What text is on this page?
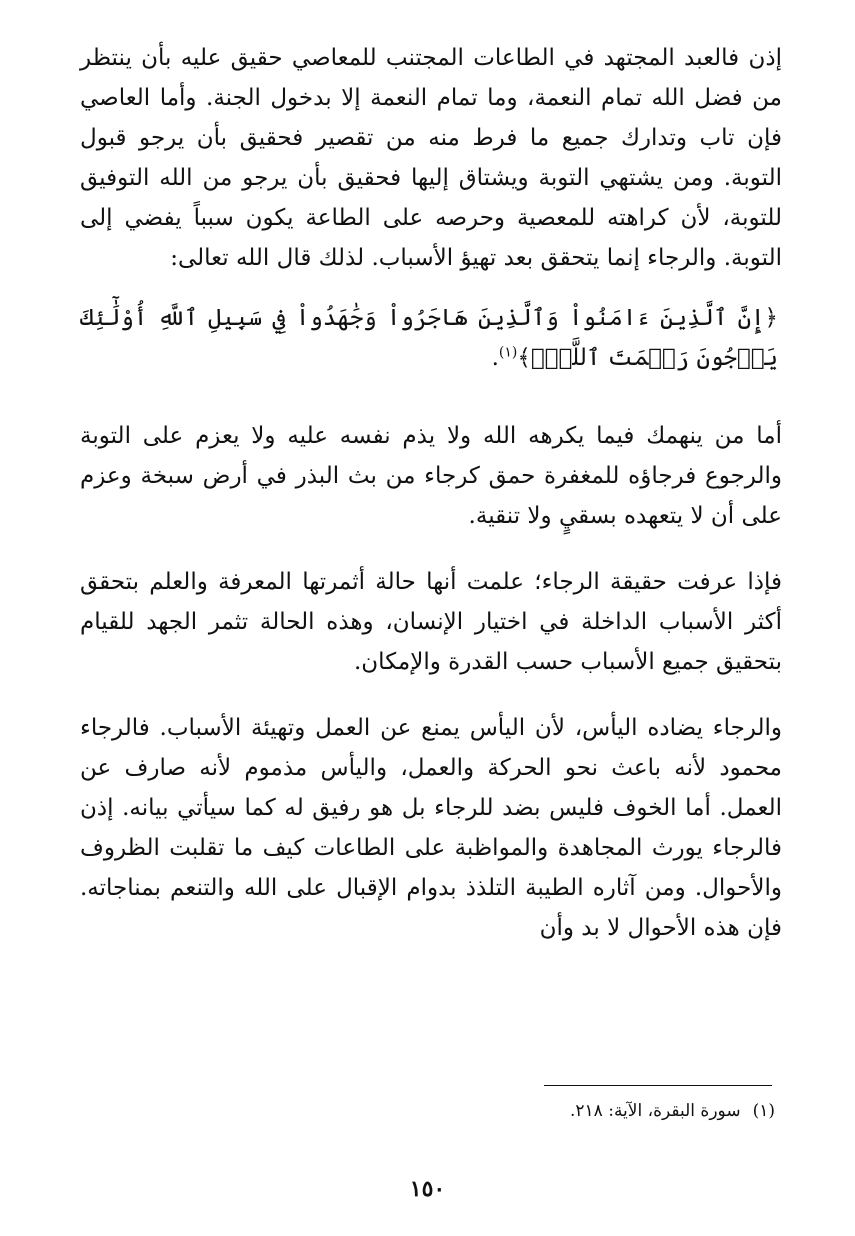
إذن فالعبد المجتهد في الطاعات المجتنب للمعاصي حقيق عليه بأن ينتظر من فضل الله تمام النعمة، وما تمام النعمة إلا بدخول الجنة. وأما العاصي فإن تاب وتدارك جميع ما فرط منه من تقصير فحقيق بأن يرجو قبول التوبة. ومن يشتهي التوبة ويشتاق إليها فحقيق بأن يرجو من الله التوفيق للتوبة، لأن كراهته للمعصية وحرصه على الطاعة يكون سبباً يفضي إلى التوبة. والرجاء إنما يتحقق بعد تهيؤ الأسباب. لذلك قال الله تعالى:

﴿إِنَّ ٱلَّذِينَ ءَامَنُواْ وَٱلَّذِينَ هَاجَرُواْ وَجَٰهَدُواْ فِي سَبِيلِ ٱللَّهِ أُوْلَٰٓئِكَ يَرۡجُونَ رَحۡمَتَ ٱللَّهِۚ﴾$^{(١)}$.

أما من ينهمك فيما يكرهه الله ولا يذم نفسه عليه ولا يعزم على التوبة والرجوع فرجاؤه للمغفرة حمق كرجاء من بث البذر في أرض سبخة وعزم على أن لا يتعهده بسقيٍ ولا تنقية.

فإذا عرفت حقيقة الرجاء؛ علمت أنها حالة أثمرتها المعرفة والعلم بتحقق أكثر الأسباب الداخلة في اختيار الإنسان، وهذه الحالة تثمر الجهد للقيام بتحقيق جميع الأسباب حسب القدرة والإمكان.

والرجاء يضاده اليأس، لأن اليأس يمنع عن العمل وتهيئة الأسباب. فالرجاء محمود لأنه باعث نحو الحركة والعمل، واليأس مذموم لأنه صارف عن العمل. أما الخوف فليس بضد للرجاء بل هو رفيق له كما سيأتي بيانه. إذن فالرجاء يورث المجاهدة والمواظبة على الطاعات كيف ما تقلبت الظروف والأحوال. ومن آثاره الطيبة التلذذ بدوام الإقبال على الله والتنعم بمناجاته. فإن هذه الأحوال لا بد وأن

(١)سورة البقرة، الآية: ٢١٨.
١٥٠
